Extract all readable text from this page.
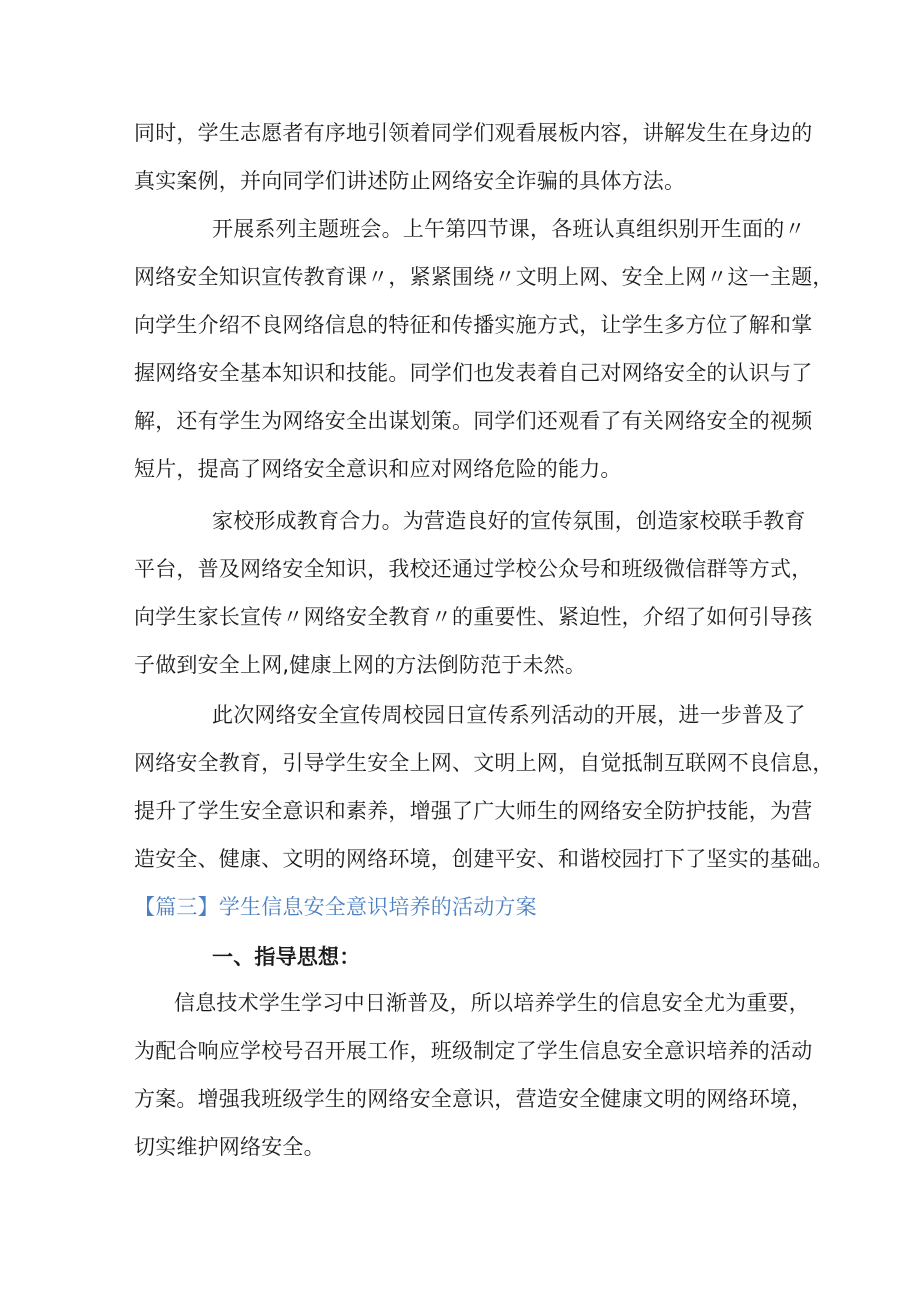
同时，学生志愿者有序地引领着同学们观看展板内容，讲解发生在身边的
真实案例，并向同学们讲述防止网络安全诈骗的具体方法。
开展系列主题班会。上午第四节课，各班认真组织别开生面的〃
网络安全知识宣传教育课〃，紧紧围绕〃文明上网、安全上网〃这一主题，
向学生介绍不良网络信息的特征和传播实施方式，让学生多方位了解和掌
握网络安全基本知识和技能。同学们也发表着自己对网络安全的认识与了
解，还有学生为网络安全出谋划策。同学们还观看了有关网络安全的视频
短片，提高了网络安全意识和应对网络危险的能力。
家校形成教育合力。为营造良好的宣传氛围，创造家校联手教育
平台，普及网络安全知识，我校还通过学校公众号和班级微信群等方式，
向学生家长宣传〃网络安全教育〃的重要性、紧迫性，介绍了如何引导孩
子做到安全上网,健康上网的方法倒防范于未然。
此次网络安全宣传周校园日宣传系列活动的开展，进一步普及了
网络安全教育，引导学生安全上网、文明上网，自觉抵制互联网不良信息，
提升了学生安全意识和素养，增强了广大师生的网络安全防护技能，为营
造安全、健康、文明的网络环境，创建平安、和谐校园打下了坚实的基础。
【篇三】学生信息安全意识培养的活动方案
一、指导思想：
信息技术学生学习中日渐普及，所以培养学生的信息安全尤为重要，
为配合响应学校号召开展工作，班级制定了学生信息安全意识培养的活动
方案。增强我班级学生的网络安全意识，营造安全健康文明的网络环境，
切实维护网络安全。
